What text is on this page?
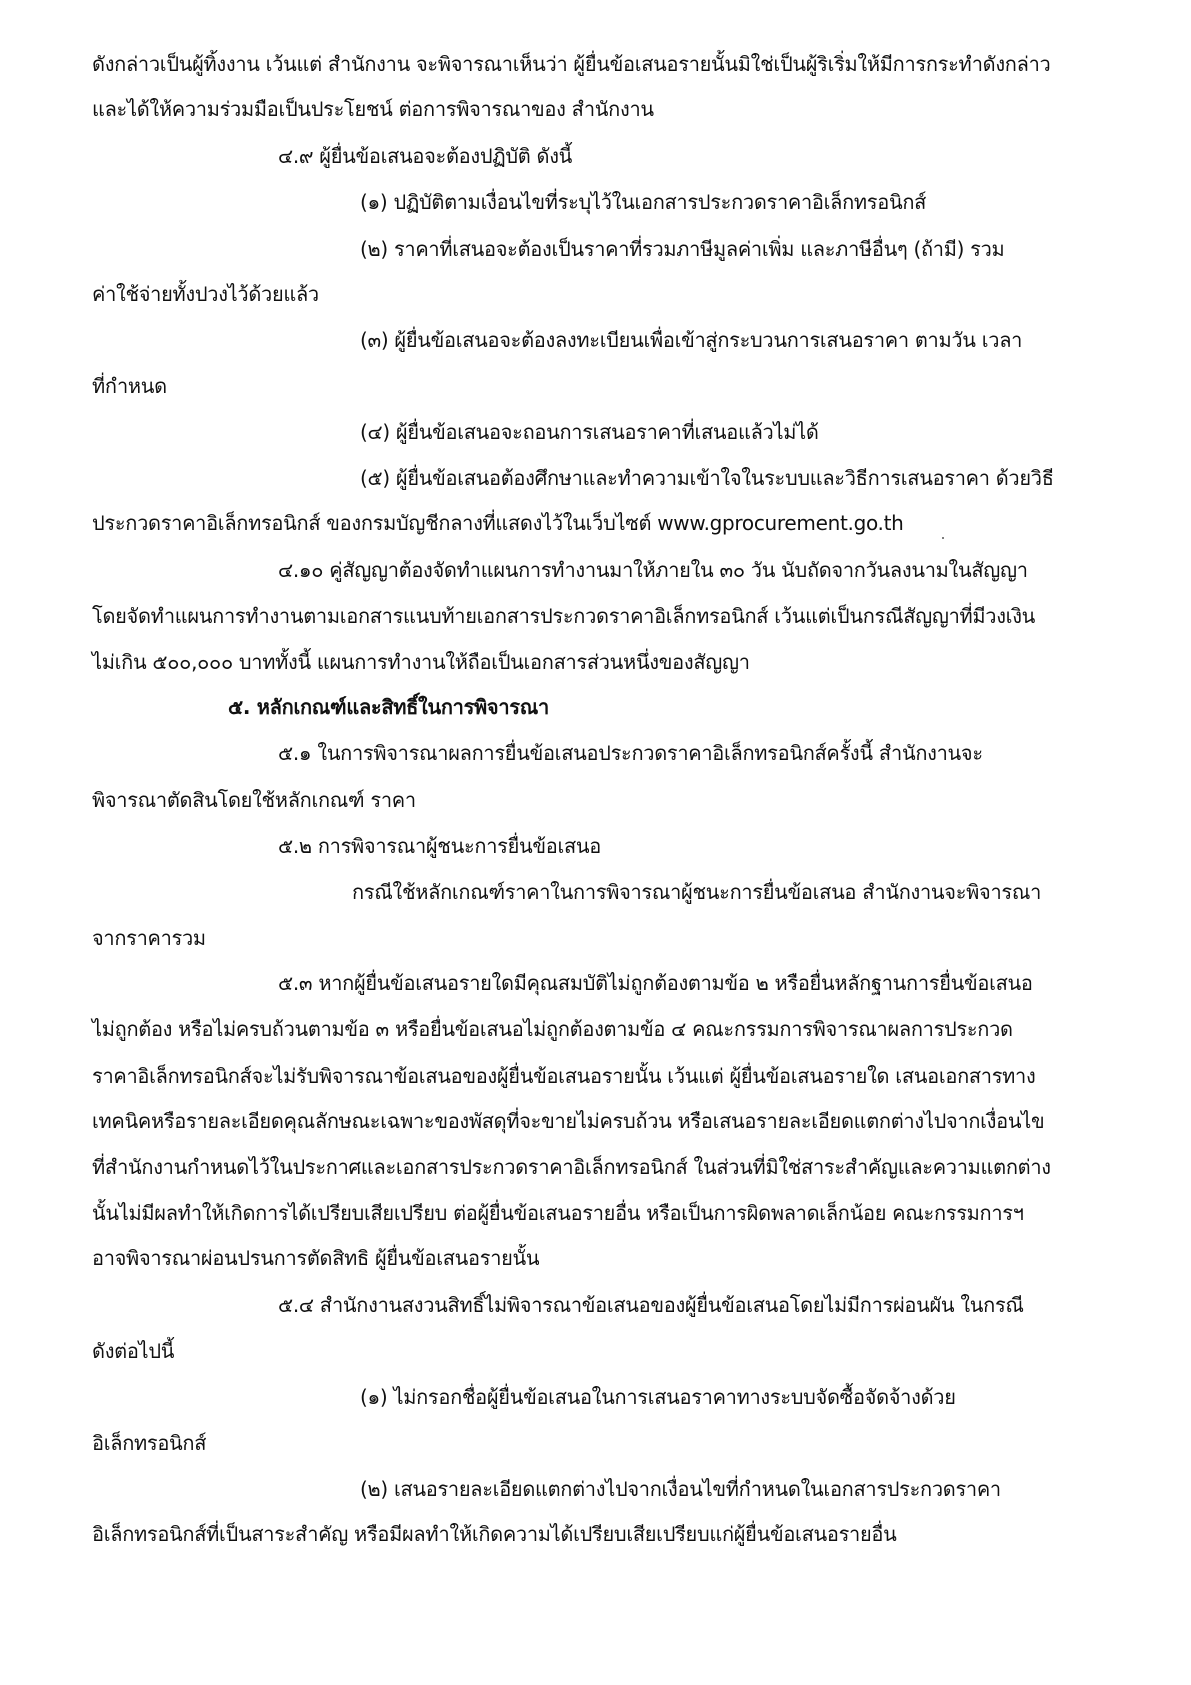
ดังกล่าวเป็นผู้ทิ้งงาน เว้นแต่ สำนักงาน จะพิจารณาเห็นว่า ผู้ยื่นข้อเสนอรายนั้นมิใช่เป็นผู้ริเริ่มให้มีการกระทำดังกล่าว
และได้ให้ความร่วมมือเป็นประโยชน์ ต่อการพิจารณาของ สำนักงาน
๔.๙ ผู้ยื่นข้อเสนอจะต้องปฏิบัติ ดังนี้
(๑) ปฏิบัติตามเงื่อนไขที่ระบุไว้ในเอกสารประกวดราคาอิเล็กทรอนิกส์
(๒) ราคาที่เสนอจะต้องเป็นราคาที่รวมภาษีมูลค่าเพิ่ม และภาษีอื่นๆ (ถ้ามี) รวม
ค่าใช้จ่ายทั้งปวงไว้ด้วยแล้ว
(๓) ผู้ยื่นข้อเสนอจะต้องลงทะเบียนเพื่อเข้าสู่กระบวนการเสนอราคา ตามวัน เวลา
ที่กำหนด
(๔) ผู้ยื่นข้อเสนอจะถอนการเสนอราคาที่เสนอแล้วไม่ได้
(๕) ผู้ยื่นข้อเสนอต้องศึกษาและทำความเข้าใจในระบบและวิธีการเสนอราคา ด้วยวิธี
ประกวดราคาอิเล็กทรอนิกส์ ของกรมบัญชีกลางที่แสดงไว้ในเว็บไซต์ www.gprocurement.go.th
๔.๑๐ คู่สัญญาต้องจัดทำแผนการทำงานมาให้ภายใน ๓๐ วัน นับถัดจากวันลงนามในสัญญา
โดยจัดทำแผนการทำงานตามเอกสารแนบท้ายเอกสารประกวดราคาอิเล็กทรอนิกส์ เว้นแต่เป็นกรณีสัญญาที่มีวงเงิน
ไม่เกิน ๕๐๐,๐๐๐ บาททั้งนี้ แผนการทำงานให้ถือเป็นเอกสารส่วนหนึ่งของสัญญา
๕. หลักเกณฑ์และสิทธิ์ในการพิจารณา
๕.๑ ในการพิจารณาผลการยื่นข้อเสนอประกวดราคาอิเล็กทรอนิกส์ครั้งนี้ สำนักงานจะ
พิจารณาตัดสินโดยใช้หลักเกณฑ์ ราคา
๕.๒ การพิจารณาผู้ชนะการยื่นข้อเสนอ
กรณีใช้หลักเกณฑ์ราคาในการพิจารณาผู้ชนะการยื่นข้อเสนอ สำนักงานจะพิจารณา
จากราคารวม
๕.๓ หากผู้ยื่นข้อเสนอรายใดมีคุณสมบัติไม่ถูกต้องตามข้อ ๒ หรือยื่นหลักฐานการยื่นข้อเสนอ
ไม่ถูกต้อง หรือไม่ครบถ้วนตามข้อ ๓ หรือยื่นข้อเสนอไม่ถูกต้องตามข้อ ๔ คณะกรรมการพิจารณาผลการประกวด
ราคาอิเล็กทรอนิกส์จะไม่รับพิจารณาข้อเสนอของผู้ยื่นข้อเสนอรายนั้น เว้นแต่ ผู้ยื่นข้อเสนอรายใด เสนอเอกสารทาง
เทคนิคหรือรายละเอียดคุณลักษณะเฉพาะของพัสดุที่จะขายไม่ครบถ้วน หรือเสนอรายละเอียดแตกต่างไปจากเงื่อนไข
ที่สำนักงานกำหนดไว้ในประกาศและเอกสารประกวดราคาอิเล็กทรอนิกส์ ในส่วนที่มิใช่สาระสำคัญและความแตกต่าง
นั้นไม่มีผลทำให้เกิดการได้เปรียบเสียเปรียบ ต่อผู้ยื่นข้อเสนอรายอื่น หรือเป็นการผิดพลาดเล็กน้อย คณะกรรมการฯ
อาจพิจารณาผ่อนปรนการตัดสิทธิ ผู้ยื่นข้อเสนอรายนั้น
๕.๔ สำนักงานสงวนสิทธิ์ไม่พิจารณาข้อเสนอของผู้ยื่นข้อเสนอโดยไม่มีการผ่อนผัน ในกรณี
ดังต่อไปนี้
(๑) ไม่กรอกชื่อผู้ยื่นข้อเสนอในการเสนอราคาทางระบบจัดซื้อจัดจ้างด้วย
อิเล็กทรอนิกส์
(๒) เสนอรายละเอียดแตกต่างไปจากเงื่อนไขที่กำหนดในเอกสารประกวดราคา
อิเล็กทรอนิกส์ที่เป็นสาระสำคัญ หรือมีผลทำให้เกิดความได้เปรียบเสียเปรียบแก่ผู้ยื่นข้อเสนอรายอื่น
